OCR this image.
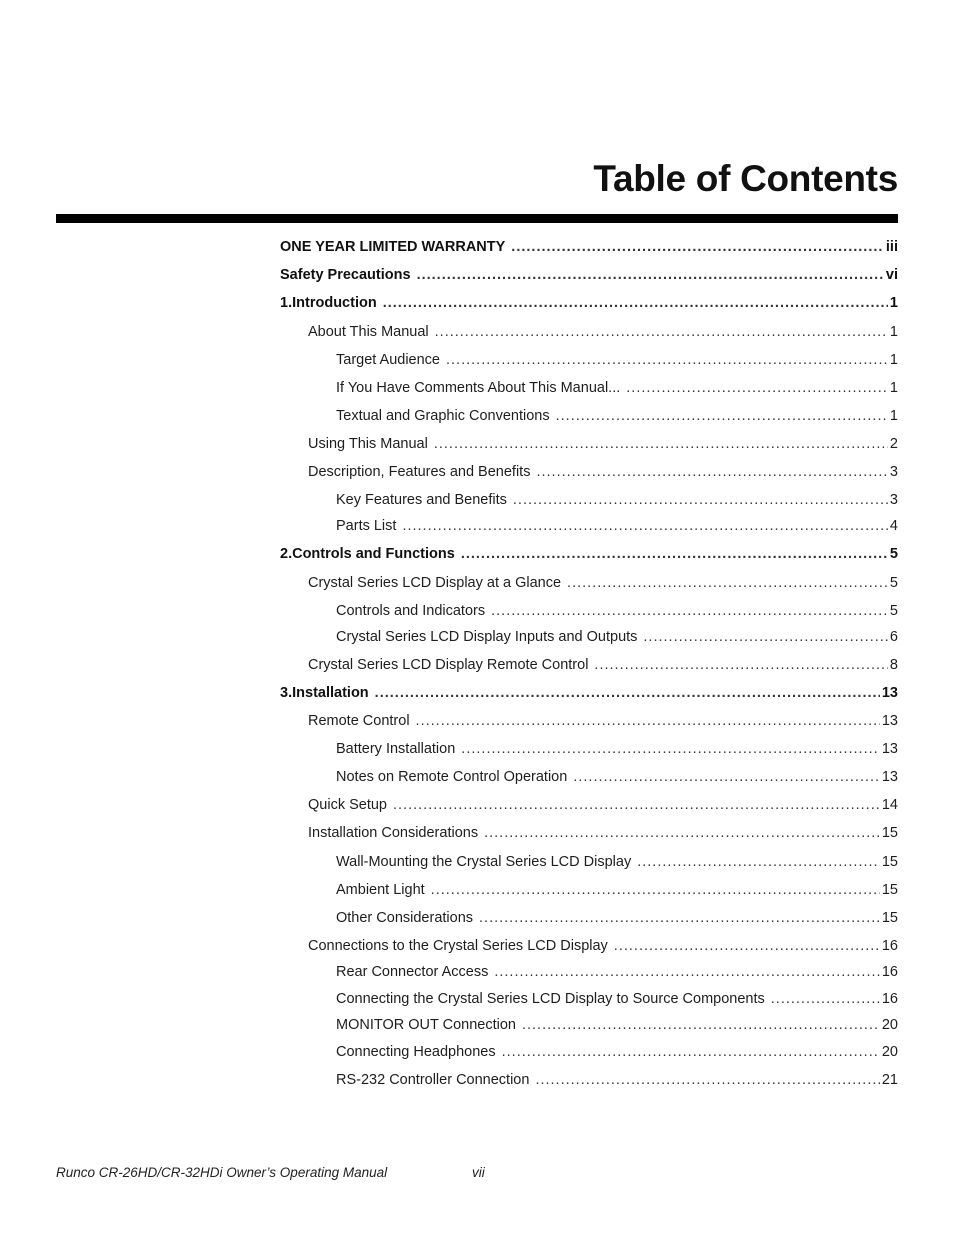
Table of Contents
ONE YEAR LIMITED WARRANTY .....	iii
Safety Precautions .....	vi
1. Introduction .....	1
About This Manual .....	1
Target Audience .....	1
If You Have Comments About This Manual... .....	1
Textual and Graphic Conventions .....	1
Using This Manual .....	2
Description, Features and Benefits .....	3
Key Features and Benefits .....	3
Parts List .....	4
2. Controls and Functions .....	5
Crystal Series LCD Display at a Glance .....	5
Controls and Indicators .....	5
Crystal Series LCD Display Inputs and Outputs .....	6
Crystal Series LCD Display Remote Control .....	8
3. Installation .....	13
Remote Control .....	13
Battery Installation .....	13
Notes on Remote Control Operation .....	13
Quick Setup .....	14
Installation Considerations .....	15
Wall-Mounting the Crystal Series LCD Display .....	15
Ambient Light .....	15
Other Considerations .....	15
Connections to the Crystal Series LCD Display .....	16
Rear Connector Access .....	16
Connecting the Crystal Series LCD Display to Source Components .....	16
MONITOR OUT Connection .....	20
Connecting Headphones .....	20
RS-232 Controller Connection .....	21
Runco CR-26HD/CR-32HDi Owner’s Operating Manual	vii
